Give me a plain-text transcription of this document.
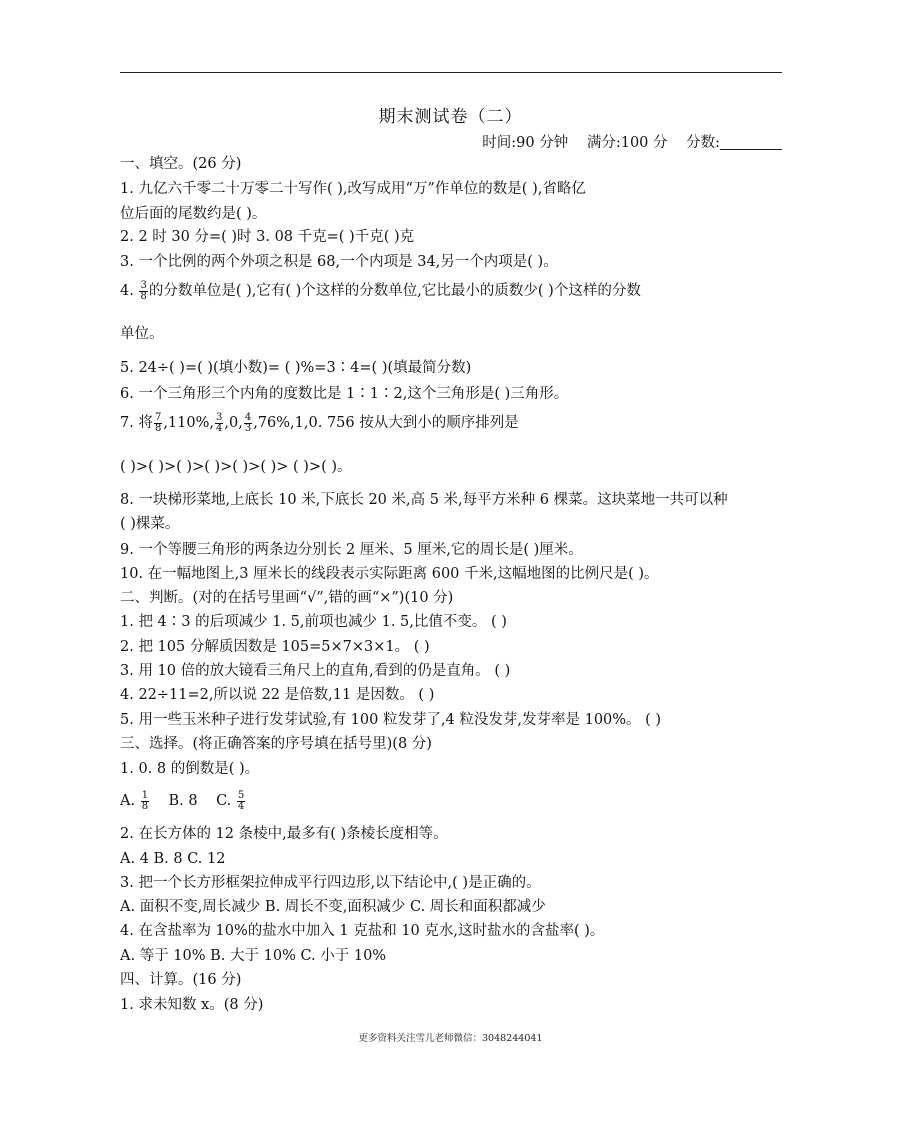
期末测试卷（二）
时间:90 分钟 满分:100 分 分数:
一、填空。(26 分)
1. 九亿六千零二十万零二十写作( ),改写成用“万”作单位的数是( ),省略亿
位后面的尾数约是( )。
2. 2 时 30 分=( )时 3. 08 千克=( )千克( )克
3. 一个比例的两个外项之积是 68,一个内项是 34,另一个内项是( )。
4. $\frac{3}{8}$ 的分数单位是( ),它有( )个这样的分数单位,它比最小的质数少( )个这样的分数
单位。
5. 24÷( )=( )(填小数)= ( )%=3∶4=( )(填最简分数)
6. 一个三角形三个内角的度数比是 1∶1∶2,这个三角形是( )三角形。
7. 将 $\frac{7}{8} ,110\%$, $\frac{3}{4} ,0$, $\frac{4}{3} ,76\%,1,0$. 756 按从大到小的顺序排列是
( )>( )>( )>( )>( )>( )> ( )>( )。
8. 一块梯形菜地,上底长 10 米,下底长 20 米,高 5 米,每平方米种 6 棵菜。这块菜地一共可以种
( )棵菜。
9. 一个等腰三角形的两条边分别长 2 厘米、5 厘米,它的周长是( )厘米。
10. 在一幅地图上,3 厘米长的线段表示实际距离 600 千米,这幅地图的比例尺是( )。
二、判断。(对的在括号里画“√”,错的画“×”)(10 分)
1. 把 4∶3 的后项减少 1. 5,前项也减少 1. 5,比值不变。 ( )
2. 把 105 分解质因数是 105=5×7×3×1。 ( )
3. 用 10 倍的放大镜看三角尺上的直角,看到的仍是直角。 ( )
4. 22÷11=2,所以说 22 是倍数,11 是因数。 ( )
5. 用一些玉米种子进行发芽试验,有 100 粒发芽了,4 粒没发芽,发芽率是 100%。 ( )
三、选择。(将正确答案的序号填在括号里)(8 分)
1. 0. 8 的倒数是( )。
A. $\frac{1}{8} B$. 8 C. $\frac{5}{4}$
2. 在长方体的 12 条棱中,最多有( )条棱长度相等。
A. 4 B. 8 C. 12
3. 把一个长方形框架拉伸成平行四边形,以下结论中,( )是正确的。
A. 面积不变,周长减少 B. 周长不变,面积减少 C. 周长和面积都减少
4. 在含盐率为 10%的盐水中加入 1 克盐和 10 克水,这时盐水的含盐率( )。
A. 等于 10% B. 大于 10% C. 小于 10%
四、计算。(16 分)
1. 求未知数 x。(8 分)
更多资料关注雪儿老师微信：3048244041
